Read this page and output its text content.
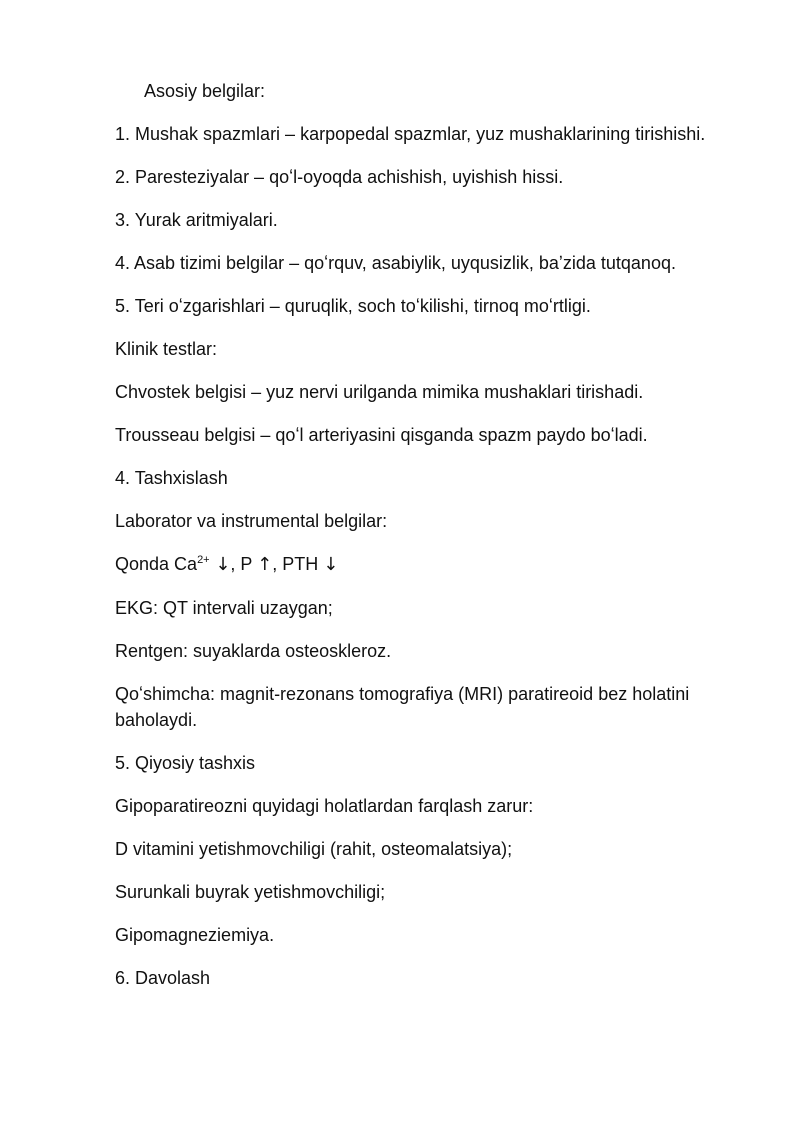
Asosiy belgilar:

1. Mushak spazmlari – karpopedal spazmlar, yuz mushaklarining tirishishi.

2. Paresteziyalar – qoʻl-oyoqda achishish, uyishish hissi.

3. Yurak aritmiyalari.

4. Asab tizimi belgilar – qoʻrquv, asabiylik, uyqusizlik, baʼzida tutqanoq.

5. Teri oʻzgarishlari – quruqlik, soch toʻkilishi, tirnoq moʻrtligi.

Klinik testlar:

Chvostek belgisi – yuz nervi urilganda mimika mushaklari tirishadi.

Trousseau belgisi – qoʻl arteriyasini qisganda spazm paydo boʻladi.

4. Tashxislash

Laborator va instrumental belgilar:

Qonda $Ca^{2+}$ ↓, P ↑, PTH ↓

EKG: QT intervali uzaygan;

Rentgen: suyaklarda osteoskleroz.

Qoʻshimcha: magnit-rezonans tomografiya (MRI) paratireoid bez holatini baholaydi.

5. Qiyosiy tashxis

Gipoparatireozni quyidagi holatlardan farqlash zarur:

D vitamini yetishmovchiligi (rahit, osteomalatsiya);

Surunkali buyrak yetishmovchiligi;

Gipomagneziemiya.

6. Davolash
